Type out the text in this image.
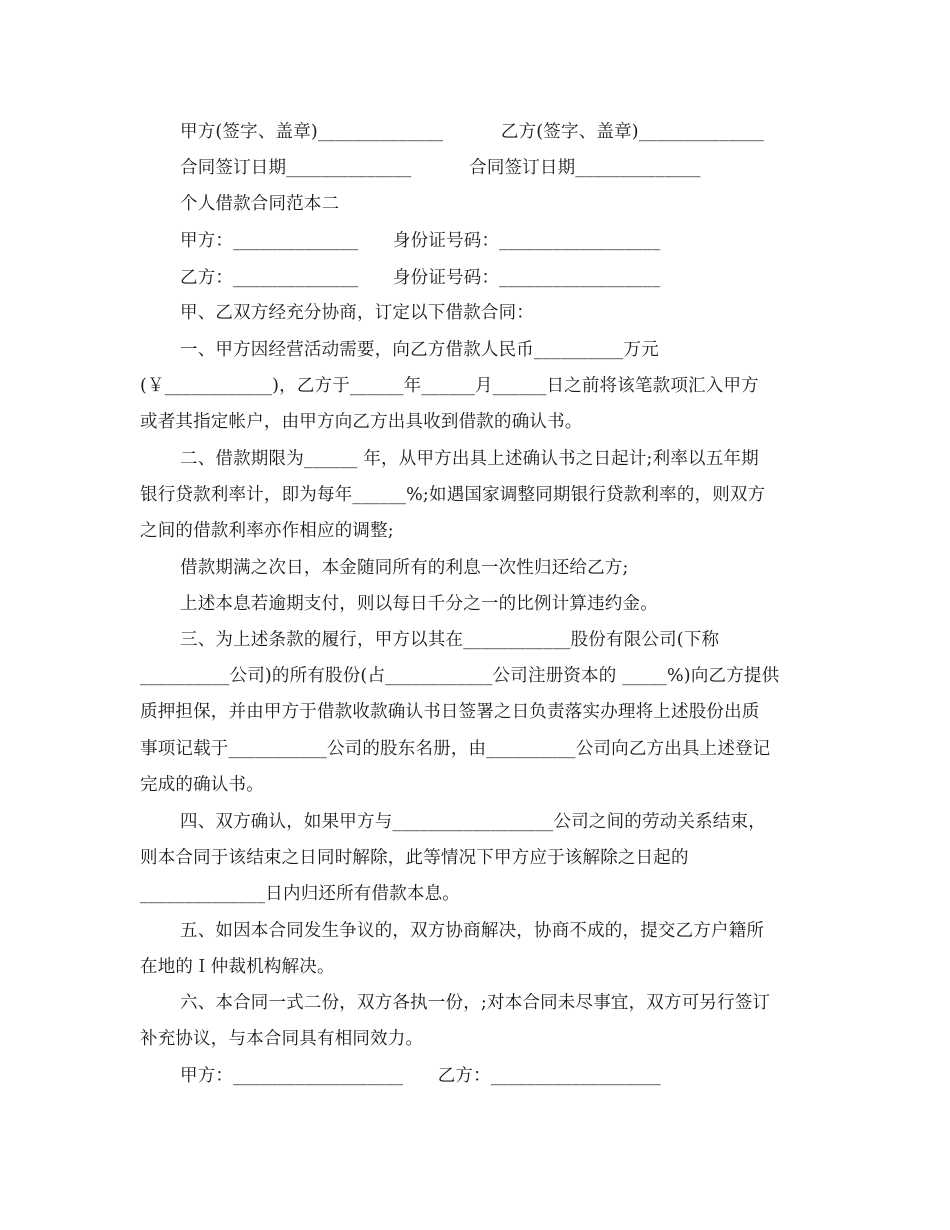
甲方(签字、盖章)______________          乙方(签字、盖章)______________
合同签订日期______________          合同签订日期______________
个人借款合同范本二
甲方：______________      身份证号码：__________________
乙方：______________      身份证号码：__________________
甲、乙双方经充分协商，订定以下借款合同：
一、甲方因经营活动需要，向乙方借款人民币__________万元
(￥____________)，乙方于______年______月______日之前将该笔款项汇入甲方
或者其指定帐户，由甲方向乙方出具收到借款的确认书。
二、借款期限为______ 年，从甲方出具上述确认书之日起计;利率以五年期
银行贷款利率计，即为每年______%;如遇国家调整同期银行贷款利率的，则双方
之间的借款利率亦作相应的调整;
借款期满之次日，本金随同所有的利息一次性归还给乙方;
上述本息若逾期支付，则以每日千分之一的比例计算违约金。
三、为上述条款的履行，甲方以其在____________股份有限公司(下称
__________公司)的所有股份(占____________公司注册资本的 _____%)向乙方提供
质押担保，并由甲方于借款收款确认书日签署之日负责落实办理将上述股份出质
事项记载于___________公司的股东名册，由__________公司向乙方出具上述登记
完成的确认书。
四、双方确认，如果甲方与__________________公司之间的劳动关系结束，
则本合同于该结束之日同时解除，此等情况下甲方应于该解除之日起的
______________日内归还所有借款本息。
五、如因本合同发生争议的，双方协商解决，协商不成的，提交乙方户籍所
在地的Ｉ仲裁机构解决。
六、本合同一式二份，双方各执一份，;对本合同未尽事宜，双方可另行签订
补充协议，与本合同具有相同效力。
甲方：___________________      乙方：___________________
